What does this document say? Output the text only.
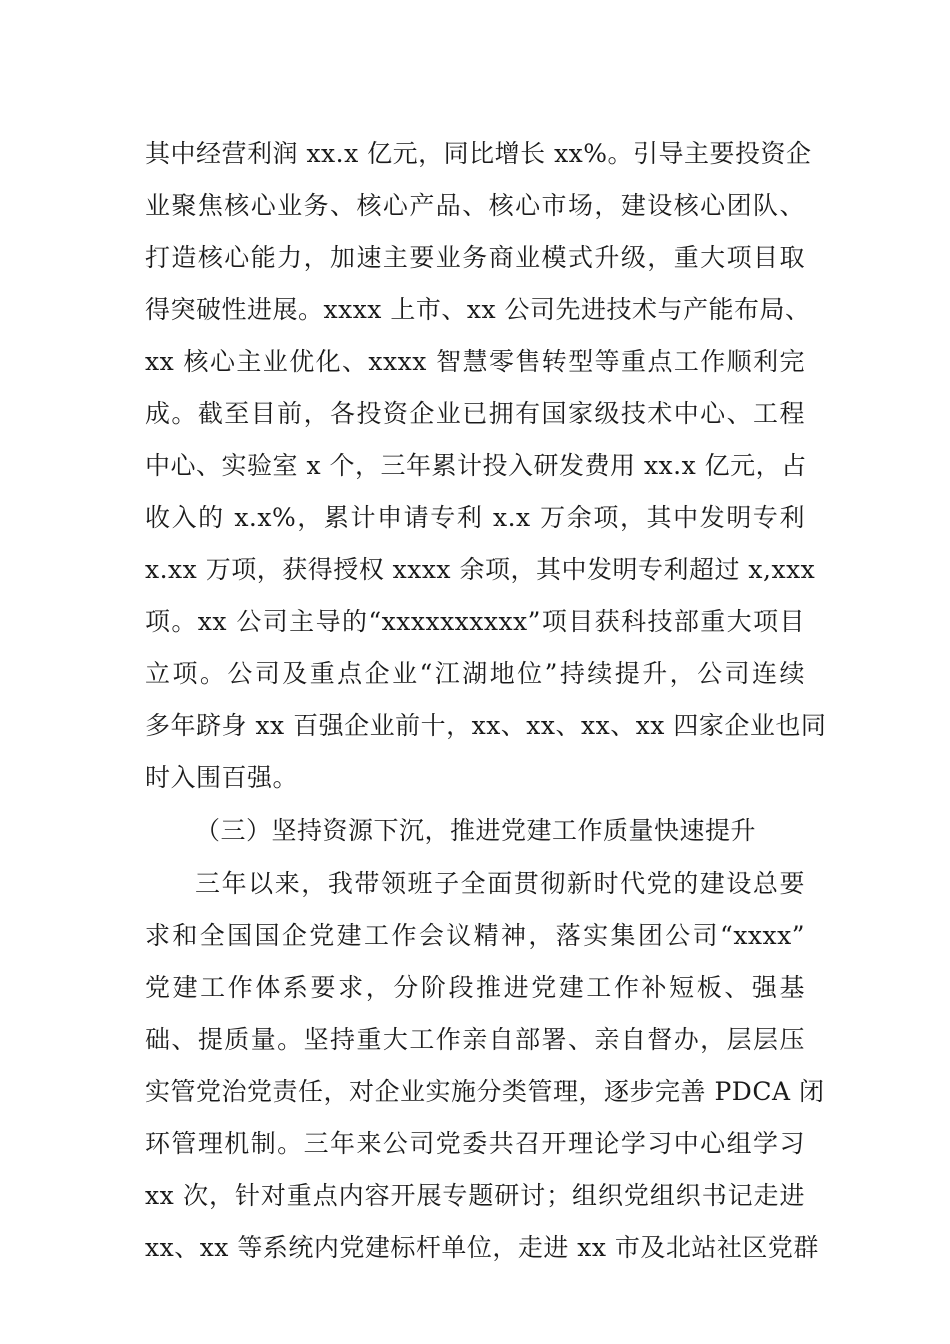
其中经营利润 xx.x 亿元，同比增长 xx%。引导主要投资企

业聚焦核心业务、核心产品、核心市场，建设核心团队、

打造核心能力，加速主要业务商业模式升级，重大项目取

得突破性进展。xxxx 上市、xx 公司先进技术与产能布局、

xx 核心主业优化、xxxx 智慧零售转型等重点工作顺利完

成。截至目前，各投资企业已拥有国家级技术中心、工程

中心、实验室 x 个，三年累计投入研发费用 xx.x 亿元，占

收入的 x.x%，累计申请专利 x.x 万余项，其中发明专利

x.xx 万项，获得授权 xxxx 余项，其中发明专利超过 x,xxx

项。xx 公司主导的“xxxxxxxxxx”项目获科技部重大项目

立项。公司及重点企业“江湖地位”持续提升，公司连续

多年跻身 xx 百强企业前十，xx、xx、xx、xx 四家企业也同

时入围百强。

（三）坚持资源下沉，推进党建工作质量快速提升

三年以来，我带领班子全面贯彻新时代党的建设总要

求和全国国企党建工作会议精神，落实集团公司“xxxx”

党建工作体系要求，分阶段推进党建工作补短板、强基

础、提质量。坚持重大工作亲自部署、亲自督办，层层压

实管党治党责任，对企业实施分类管理，逐步完善 PDCA 闭

环管理机制。三年来公司党委共召开理论学习中心组学习

xx 次，针对重点内容开展专题研讨；组织党组织书记走进

xx、xx 等系统内党建标杆单位，走进 xx 市及北站社区党群
